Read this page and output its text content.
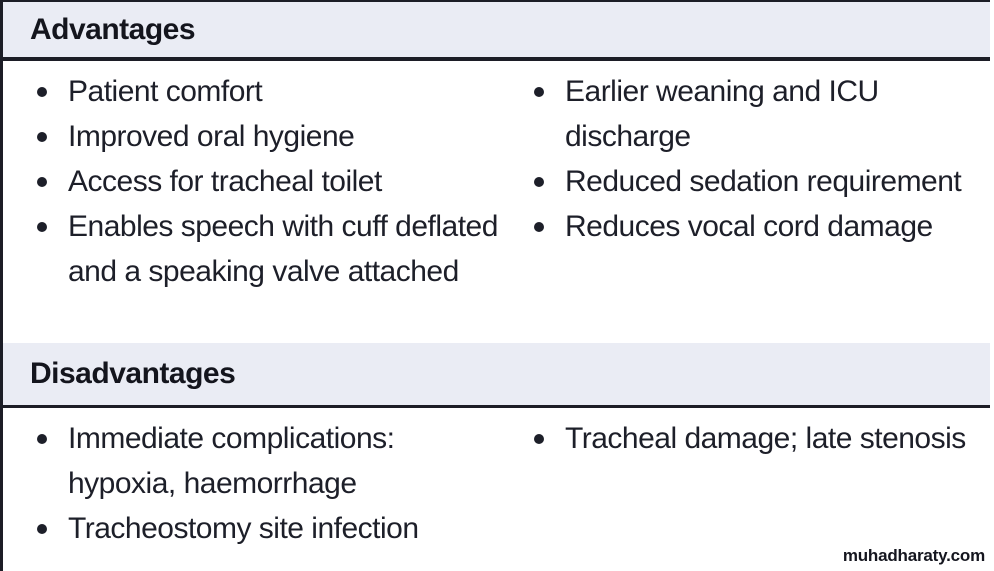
Advantages
Patient comfort
Improved oral hygiene
Access for tracheal toilet
Enables speech with cuff deflated and a speaking valve attached
Earlier weaning and ICU discharge
Reduced sedation requirement
Reduces vocal cord damage
Disadvantages
Immediate complications: hypoxia, haemorrhage
Tracheostomy site infection
Tracheal damage; late stenosis
muhadharaty.com
